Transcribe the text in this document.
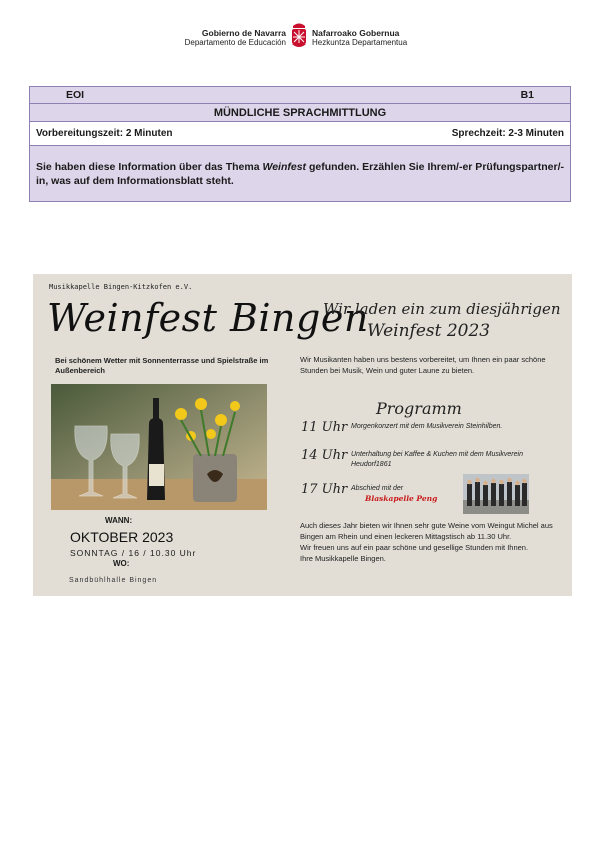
Gobierno de Navarra
Departamento de Educación
Nafarroako Gobernua
Hezkuntza Departamentua
EOI	B1

MÜNDLICHE SPRACHMITTLUNG

Vorbereitungszeit: 2 Minuten	Sprechzeit: 2-3 Minuten

Sie haben diese Information über das Thema Weinfest gefunden. Erzählen Sie Ihrem/-er Prüfungspartner/-in, was auf dem Informationsblatt steht.
Musikkapelle Bingen-Kitzkofen e.V.
Weinfest Bingen
Bei schönem Wetter mit Sonnenterrasse und Spielstraße im Außenbereich
WANN:
OKTOBER 2023
SONNTAG / 16 / 10.30 Uhr
WO:
Sandbühlhalle Bingen
Wir laden ein zum diesjährigen
Weinfest 2023
Wir Musikanten haben uns bestens vorbereitet, um Ihnen ein paar schöne Stunden bei Musik, Wein und guter Laune zu bieten.
Programm
11 Uhr Morgenkonzert mit dem Musikverein Steinhilben.
14 Uhr Unterhaltung bei Kaffee & Kuchen mit dem Musikverein Heudorf1861
17 Uhr Abschied mit der
Blaskapelle Peng
Auch dieses Jahr bieten wir Ihnen sehr gute Weine vom Weingut Michel aus Bingen am Rhein und einen leckeren Mittagstisch ab 11.30 Uhr.
Wir freuen uns auf ein paar schöne und gesellige Stunden mit Ihnen.
Ihre Musikkapelle Bingen.
